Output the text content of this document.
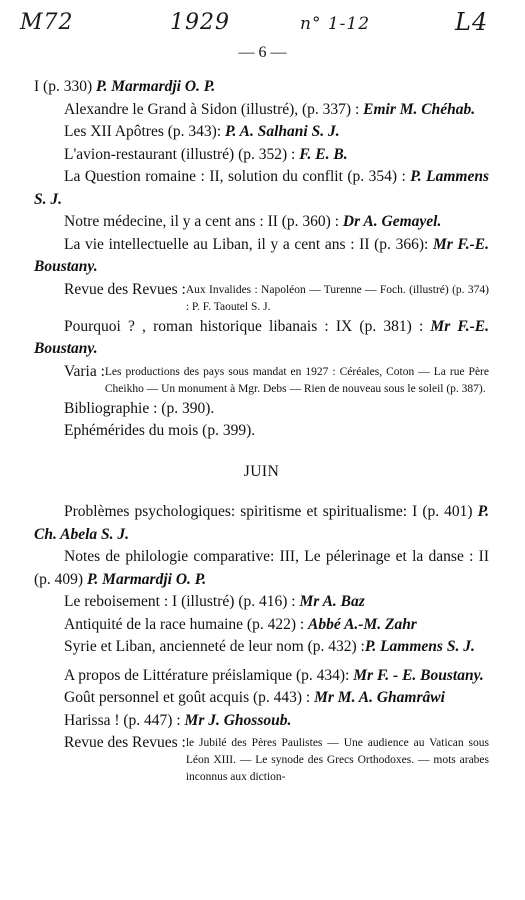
M72	1929	n° 1-12	L4
— 6 —
I (p. 330) P. Marmardji O. P.
Alexandre le Grand à Sidon (illustré), (p. 337) : Emir M. Chéhab.
Les XII Apôtres (p. 343): P. A. Salhani S. J.
L'avion-restaurant (illustré) (p. 352) : F. E. B.
La Question romaine : II, solution du conflit (p. 354) : P. Lammens S. J.
Notre médecine, il y a cent ans : II (p. 360) : Dr A. Gemayel.
La vie intellectuelle au Liban, il y a cent ans : II (p. 366): Mr F.-E. Boustany.
Revue des Revues : Aux Invalides : Napoléon — Turenne — Foch. (illustré) (p. 374) : P. F. Taoutel S. J.
Pourquoi ? , roman historique libanais : IX (p. 381) : Mr F.-E. Boustany.
Varia : Les productions des pays sous mandat en 1927 : Céréales, Coton — La rue Père Cheikho — Un monument à Mgr. Debs — Rien de nouveau sous le soleil (p. 387).
Bibliographie : (p. 390).
Ephémérides du mois (p. 399).
JUIN
Problèmes psychologiques: spiritisme et spiritualisme: I (p. 401) P. Ch. Abela S. J.
Notes de philologie comparative: III, Le pélerinage et la danse : II (p. 409) P. Marmardji O. P.
Le reboisement : I (illustré) (p. 416) : Mr A. Baz
Antiquité de la race humaine (p. 422) : Abbé A.-M. Zahr
Syrie et Liban, ancienneté de leur nom (p. 432) :P. Lammens S. J.
A propos de Littérature préislamique (p. 434): Mr F. - E. Boustany.
Goût personnel et goût acquis (p. 443) : Mr M. A. Ghamrâwi
Harissa ! (p. 447) : Mr J. Ghossoub.
Revue des Revues : le Jubilé des Pères Paulistes — Une audience au Vatican sous Léon XIII. — Le synode des Grecs Orthodoxes. — mots arabes inconnus aux diction-
